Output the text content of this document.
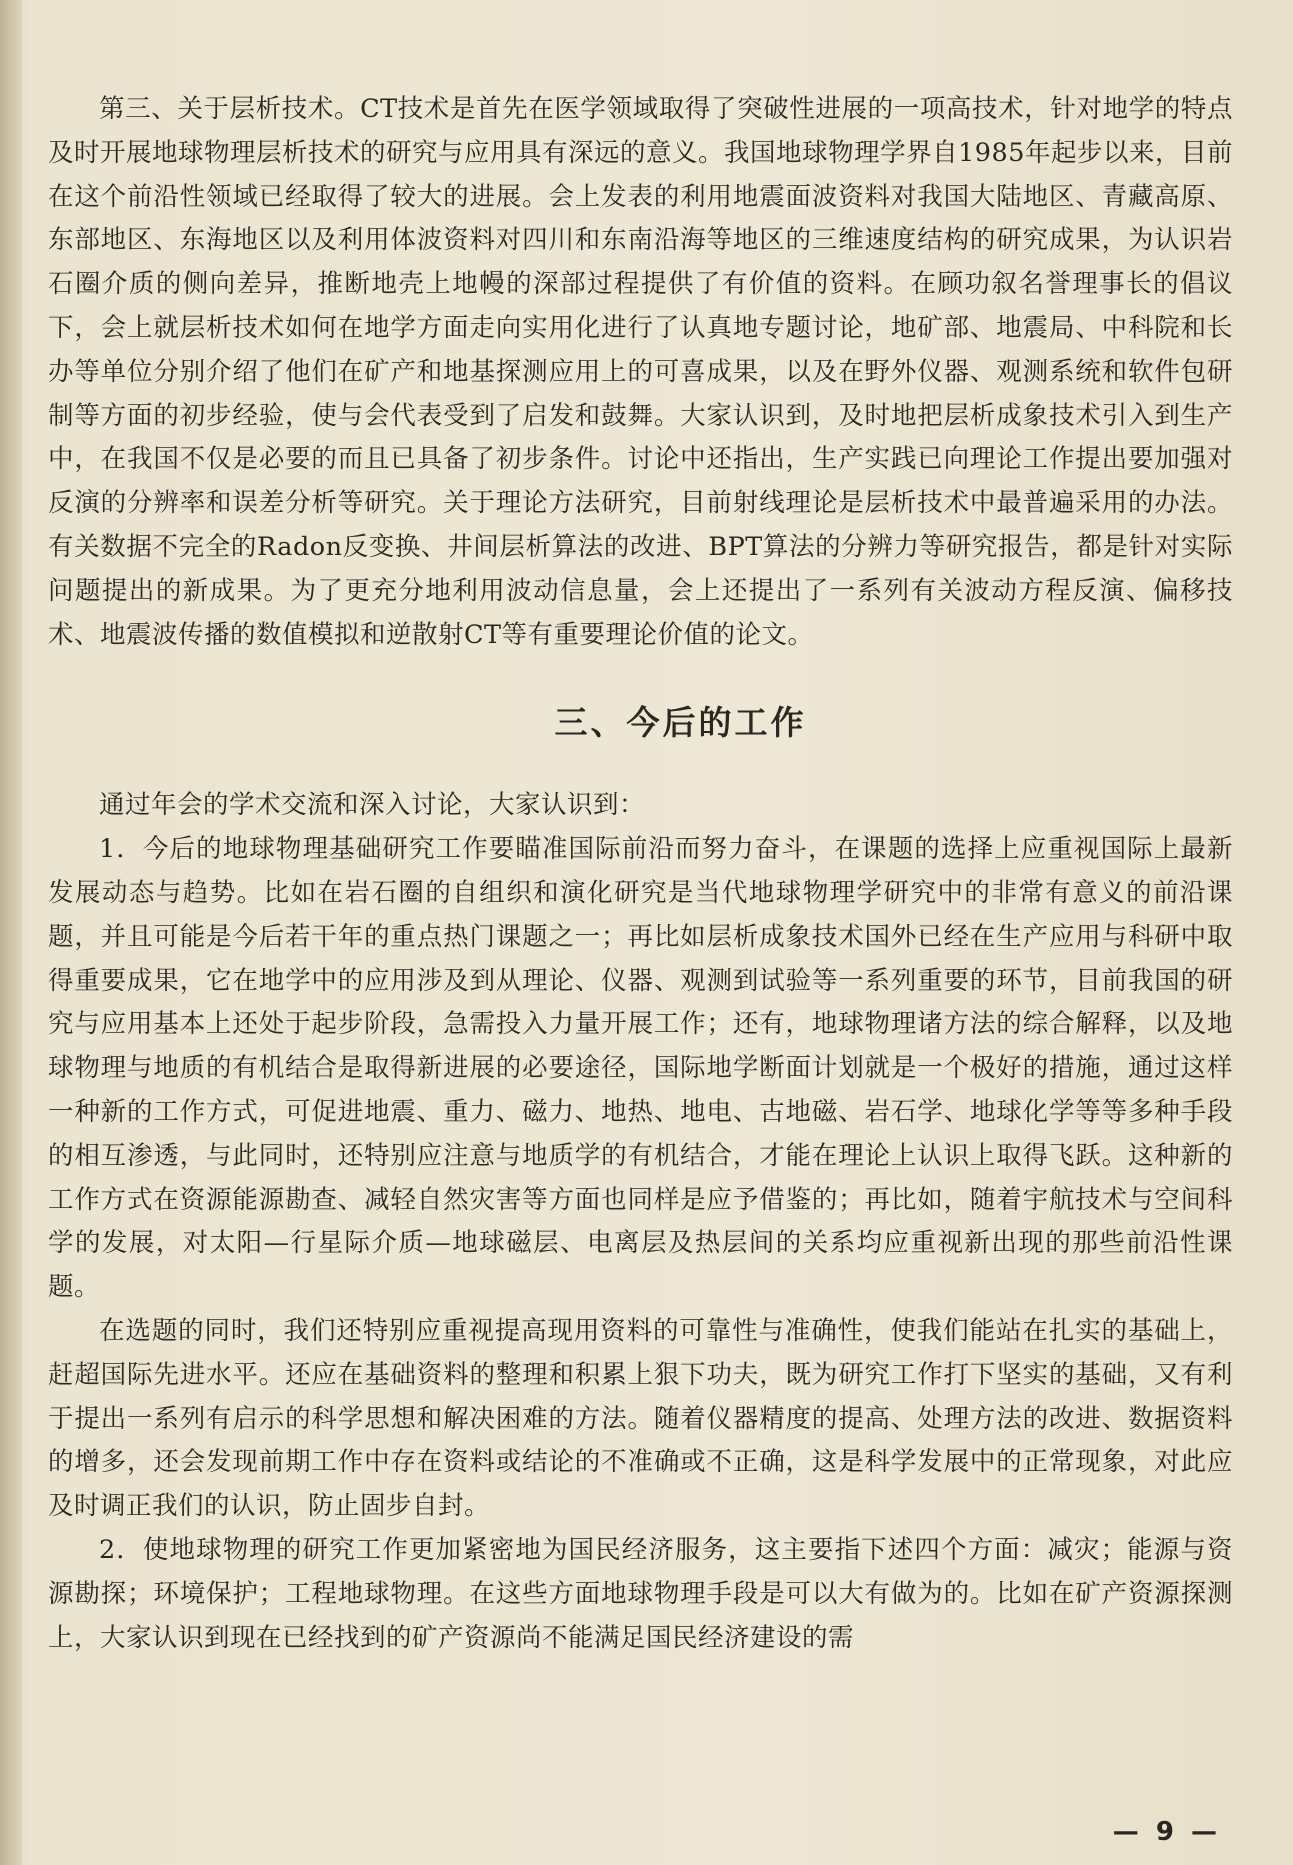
第三、关于层析技术。CT技术是首先在医学领域取得了突破性进展的一项高技术，针对地学的特点及时开展地球物理层析技术的研究与应用具有深远的意义。我国地球物理学界自1985年起步以来，目前在这个前沿性领域已经取得了较大的进展。会上发表的利用地震面波资料对我国大陆地区、青藏高原、东部地区、东海地区以及利用体波资料对四川和东南沿海等地区的三维速度结构的研究成果，为认识岩石圈介质的侧向差异，推断地壳上地幔的深部过程提供了有价值的资料。在顾功叙名誉理事长的倡议下，会上就层析技术如何在地学方面走向实用化进行了认真地专题讨论，地矿部、地震局、中科院和长办等单位分别介绍了他们在矿产和地基探测应用上的可喜成果，以及在野外仪器、观测系统和软件包研制等方面的初步经验，使与会代表受到了启发和鼓舞。大家认识到，及时地把层析成象技术引入到生产中，在我国不仅是必要的而且已具备了初步条件。讨论中还指出，生产实践已向理论工作提出要加强对反演的分辨率和误差分析等研究。关于理论方法研究，目前射线理论是层析技术中最普遍采用的办法。有关数据不完全的Radon反变换、井间层析算法的改进、BPT算法的分辨力等研究报告，都是针对实际问题提出的新成果。为了更充分地利用波动信息量，会上还提出了一系列有关波动方程反演、偏移技术、地震波传播的数值模拟和逆散射CT等有重要理论价值的论文。

三、今后的工作

通过年会的学术交流和深入讨论，大家认识到：

1．今后的地球物理基础研究工作要瞄准国际前沿而努力奋斗，在课题的选择上应重视国际上最新发展动态与趋势。比如在岩石圈的自组织和演化研究是当代地球物理学研究中的非常有意义的前沿课题，并且可能是今后若干年的重点热门课题之一；再比如层析成象技术国外已经在生产应用与科研中取得重要成果，它在地学中的应用涉及到从理论、仪器、观测到试验等一系列重要的环节，目前我国的研究与应用基本上还处于起步阶段，急需投入力量开展工作；还有，地球物理诸方法的综合解释，以及地球物理与地质的有机结合是取得新进展的必要途径，国际地学断面计划就是一个极好的措施，通过这样一种新的工作方式，可促进地震、重力、磁力、地热、地电、古地磁、岩石学、地球化学等等多种手段的相互渗透，与此同时，还特别应注意与地质学的有机结合，才能在理论上认识上取得飞跃。这种新的工作方式在资源能源勘查、减轻自然灾害等方面也同样是应予借鉴的；再比如，随着宇航技术与空间科学的发展，对太阳—行星际介质—地球磁层、电离层及热层间的关系均应重视新出现的那些前沿性课题。

在选题的同时，我们还特别应重视提高现用资料的可靠性与准确性，使我们能站在扎实的基础上，赶超国际先进水平。还应在基础资料的整理和积累上狠下功夫，既为研究工作打下坚实的基础，又有利于提出一系列有启示的科学思想和解决困难的方法。随着仪器精度的提高、处理方法的改进、数据资料的增多，还会发现前期工作中存在资料或结论的不准确或不正确，这是科学发展中的正常现象，对此应及时调正我们的认识，防止固步自封。

2．使地球物理的研究工作更加紧密地为国民经济服务，这主要指下述四个方面：减灾；能源与资源勘探；环境保护；工程地球物理。在这些方面地球物理手段是可以大有做为的。比如在矿产资源探测上，大家认识到现在已经找到的矿产资源尚不能满足国民经济建设的需

— 9 —
